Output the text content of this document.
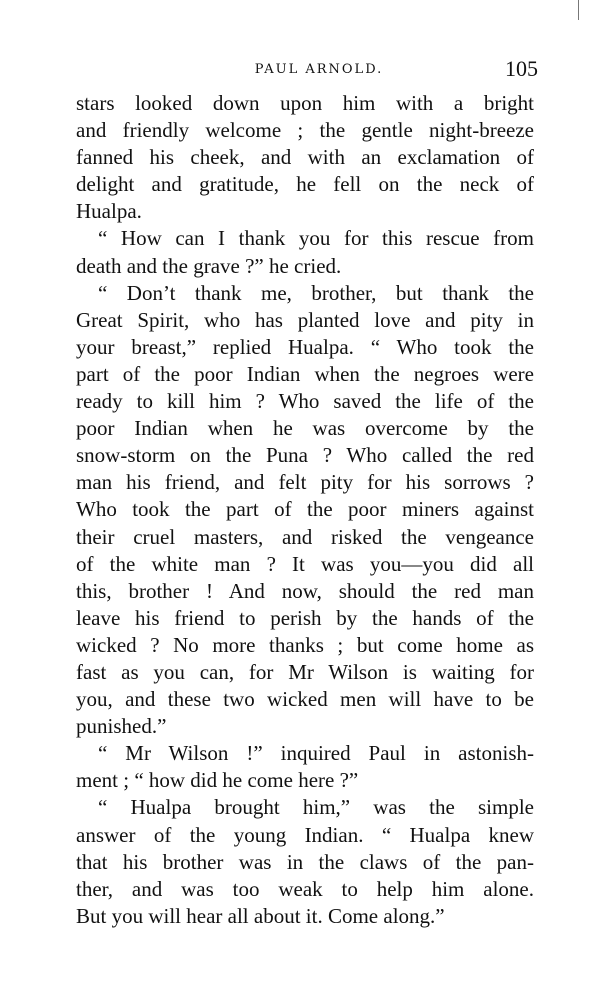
PAUL ARNOLD.	105
stars looked down upon him with a bright
and friendly welcome ; the gentle night-breeze
fanned his cheek, and with an exclamation of
delight and gratitude, he fell on the neck of
Hualpa.
“ How can I thank you for this rescue from
death and the grave ?” he cried.
“ Don’t thank me, brother, but thank the
Great Spirit, who has planted love and pity in
your breast,” replied Hualpa. “ Who took the
part of the poor Indian when the negroes were
ready to kill him ? Who saved the life of the
poor Indian when he was overcome by the
snow-storm on the Puna ? Who called the red
man his friend, and felt pity for his sorrows ?
Who took the part of the poor miners against
their cruel masters, and risked the vengeance
of the white man ? It was you—you did all
this, brother ! And now, should the red man
leave his friend to perish by the hands of the
wicked ? No more thanks ; but come home as
fast as you can, for Mr Wilson is waiting for
you, and these two wicked men will have to be
punished.”
“ Mr Wilson !” inquired Paul in astonish-
ment ; “ how did he come here ?”
“ Hualpa brought him,” was the simple
answer of the young Indian. “ Hualpa knew
that his brother was in the claws of the pan-
ther, and was too weak to help him alone.
But you will hear all about it. Come along.”
